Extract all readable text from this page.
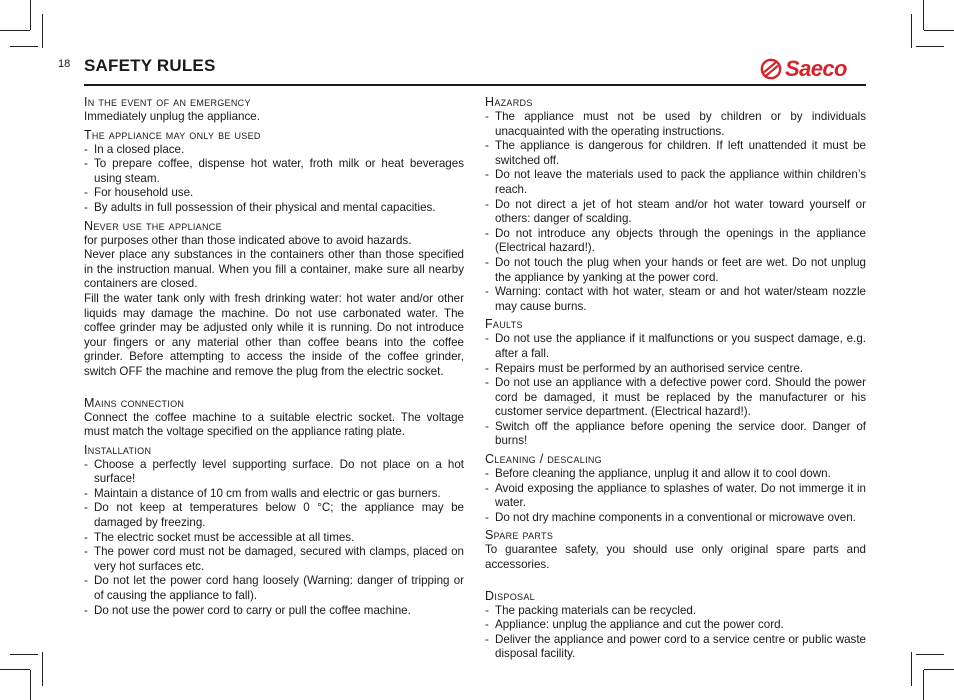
18 SAFETY RULES	Saeco
In the event of an emergency

Immediately unplug the appliance.

The appliance may only be used
- In a closed place.
- To prepare coffee, dispense hot water, froth milk or heat beverages using steam.
- For household use.
- By adults in full possession of their physical and mental capacities.
Never use the appliance

for purposes other than those indicated above to avoid hazards.

Never place any substances in the containers other than those specified in the instruction manual. When you fill a container, make sure all nearby containers are closed.

Fill the water tank only with fresh drinking water: hot water and/or other liquids may damage the machine. Do not use carbonated water. The coffee grinder may be adjusted only while it is running. Do not introduce your fingers or any material other than coffee beans into the coffee grinder. Before attempting to access the inside of the coffee grinder, switch OFF the machine and remove the plug from the electric socket.

Mains connection

Connect the coffee machine to a suitable electric socket. The voltage must match the voltage specified on the appliance rating plate.

Installation
- Choose a perfectly level supporting surface. Do not place on a hot surface!
- Maintain a distance of 10 cm from walls and electric or gas burners.
- Do not keep at temperatures below 0 °C; the appliance may be damaged by freezing.
- The electric socket must be accessible at all times.
- The power cord must not be damaged, secured with clamps, placed on very hot surfaces etc.
- Do not let the power cord hang loosely (Warning: danger of tripping or of causing the appliance to fall).
- Do not use the power cord to carry or pull the coffee machine.
Hazards
- The appliance must not be used by children or by individuals unacquainted with the operating instructions.
- The appliance is dangerous for children. If left unattended it must be switched off.
- Do not leave the materials used to pack the appliance within children’s reach.
- Do not direct a jet of hot steam and/or hot water toward yourself or others: danger of scalding.
- Do not introduce any objects through the openings in the appliance (Electrical hazard!).
- Do not touch the plug when your hands or feet are wet. Do not unplug the appliance by yanking at the power cord.
- Warning: contact with hot water, steam or and hot water/steam nozzle may cause burns.
Faults
- Do not use the appliance if it malfunctions or you suspect damage, e.g. after a fall.
- Repairs must be performed by an authorised service centre.
- Do not use an appliance with a defective power cord. Should the power cord be damaged, it must be replaced by the manufacturer or his customer service department. (Electrical hazard!).
- Switch off the appliance before opening the service door. Danger of burns!
Cleaning / descaling
- Before cleaning the appliance, unplug it and allow it to cool down.
- Avoid exposing the appliance to splashes of water. Do not immerge it in water.
- Do not dry machine components in a conventional or microwave oven.
Spare parts

To guarantee safety, you should use only original spare parts and accessories.

Disposal
- The packing materials can be recycled.
- Appliance: unplug the appliance and cut the power cord.
- Deliver the appliance and power cord to a service centre or public waste disposal facility.
